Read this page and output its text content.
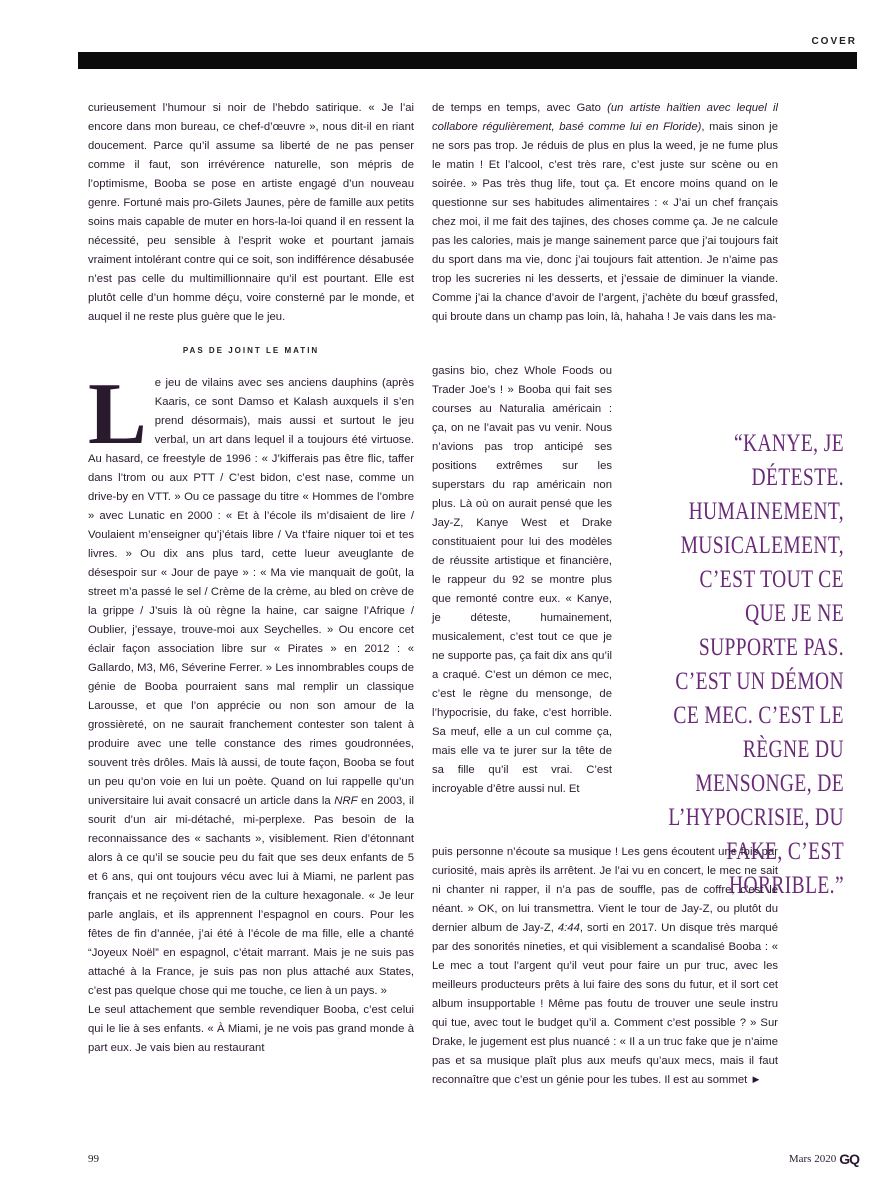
COVER

curieusement l’humour si noir de l’hebdo satirique. « Je l’ai encore dans mon bureau, ce chef-d’œuvre », nous dit-il en riant doucement. Parce qu’il assume sa liberté de ne pas penser comme il faut, son irrévérence naturelle, son mépris de l’optimisme, Booba se pose en artiste engagé d’un nouveau genre. Fortuné mais pro-Gilets Jaunes, père de famille aux petits soins mais capable de muter en hors-la-loi quand il en ressent la nécessité, peu sensible à l’esprit woke et pourtant jamais vraiment intolérant contre qui ce soit, son indifférence désabusée n’est pas celle du multimillionnaire qu’il est pourtant. Elle est plutôt celle d’un homme déçu, voire consterné par le monde, et auquel il ne reste plus guère que le jeu.

PAS DE JOINT LE MATIN

Le jeu de vilains avec ses anciens dauphins (après Kaaris, ce sont Damso et Kalash auxquels il s’en prend désormais), mais aussi et surtout le jeu verbal, un art dans lequel il a toujours été virtuose. Au hasard, ce freestyle de 1996 : « J’kifferais pas être flic, taffer dans l’trom ou aux PTT / C’est bidon, c’est nase, comme un drive-by en VTT. » Ou ce passage du titre « Hommes de l’ombre » avec Lunatic en 2000 : « Et à l’école ils m’disaient de lire / Voulaient m’enseigner qu’j’étais libre / Va t’faire niquer toi et tes livres. » Ou dix ans plus tard, cette lueur aveuglante de désespoir sur « Jour de paye » : « Ma vie manquait de goût, la street m’a passé le sel / Crème de la crème, au bled on crève de la grippe / J’suis là où règne la haine, car saigne l’Afrique / Oublier, j’essaye, trouve-moi aux Seychelles. » Ou encore cet éclair façon association libre sur « Pirates » en 2012 : « Gallardo, M3, M6, Séverine Ferrer. » Les innombrables coups de génie de Booba pourraient sans mal remplir un classique Larousse, et que l’on apprécie ou non son amour de la grossièreté, on ne saurait franchement contester son talent à produire avec une telle constance des rimes goudronnées, souvent très drôles. Mais là aussi, de toute façon, Booba se fout un peu qu’on voie en lui un poète. Quand on lui rappelle qu’un universitaire lui avait consacré un article dans la NRF en 2003, il sourit d’un air mi-détaché, mi-perplexe. Pas besoin de la reconnaissance des « sachants », visiblement. Rien d’étonnant alors à ce qu’il se soucie peu du fait que ses deux enfants de 5 et 6 ans, qui ont toujours vécu avec lui à Miami, ne parlent pas français et ne reçoivent rien de la culture hexagonale. « Je leur parle anglais, et ils apprennent l’espagnol en cours. Pour les fêtes de fin d’année, j’ai été à l’école de ma fille, elle a chanté “Joyeux Noël” en espagnol, c’était marrant. Mais je ne suis pas attaché à la France, je suis pas non plus attaché aux States, c’est pas quelque chose qui me touche, ce lien à un pays. »

Le seul attachement que semble revendiquer Booba, c’est celui qui le lie à ses enfants. « À Miami, je ne vois pas grand monde à part eux. Je vais bien au restaurant

de temps en temps, avec Gato (un artiste haïtien avec lequel il collabore régulièrement, basé comme lui en Floride), mais sinon je ne sors pas trop. Je réduis de plus en plus la weed, je ne fume plus le matin ! Et l’alcool, c’est très rare, c’est juste sur scène ou en soirée. » Pas très thug life, tout ça. Et encore moins quand on le questionne sur ses habitudes alimentaires : « J’ai un chef français chez moi, il me fait des tajines, des choses comme ça. Je ne calcule pas les calories, mais je mange sainement parce que j’ai toujours fait du sport dans ma vie, donc j’ai toujours fait attention. Je n’aime pas trop les sucreries ni les desserts, et j’essaie de diminuer la viande. Comme j’ai la chance d’avoir de l’argent, j’achète du bœuf grassfed, qui broute dans un champ pas loin, là, hahaha ! Je vais dans les ma-

gasins bio, chez Whole Foods ou Trader Joe’s ! » Booba qui fait ses courses au Naturalia américain : ça, on ne l’avait pas vu venir. Nous n’avions pas trop anticipé ses positions extrêmes sur les superstars du rap américain non plus. Là où on aurait pensé que les Jay-Z, Kanye West et Drake constituaient pour lui des modèles de réussite artistique et financière, le rappeur du 92 se montre plus que remonté contre eux. « Kanye, je déteste, humainement, musicalement, c’est tout ce que je ne supporte pas, ça fait dix ans qu’il a craqué. C’est un démon ce mec, c’est le règne du mensonge, de l’hypocrisie, du fake, c’est horrible. Sa meuf, elle a un cul comme ça, mais elle va te jurer sur la tête de sa fille qu’il est vrai. C’est incroyable d’être aussi nul. Et

“KANYE, JE DÉTESTE. HUMAINEMENT, MUSICALEMENT, C’EST TOUT CE QUE JE NE SUPPORTE PAS. C’EST UN DÉMON CE MEC. C’EST LE RÈGNE DU MENSONGE, DE L’HYPOCRISIE, DU FAKE, C’EST HORRIBLE.”

puis personne n’écoute sa musique ! Les gens écoutent une fois par curiosité, mais après ils arrêtent. Je l’ai vu en concert, le mec ne sait ni chanter ni rapper, il n’a pas de souffle, pas de coffre, c’est le néant. » OK, on lui transmettra. Vient le tour de Jay-Z, ou plutôt du dernier album de Jay-Z, 4:44, sorti en 2017. Un disque très marqué par des sonorités nineties, et qui visiblement a scandalisé Booba : « Le mec a tout l’argent qu’il veut pour faire un pur truc, avec les meilleurs producteurs prêts à lui faire des sons du futur, et il sort cet album insupportable ! Même pas foutu de trouver une seule instru qui tue, avec tout le budget qu’il a. Comment c’est possible ? » Sur Drake, le jugement est plus nuancé : « Il a un truc fake que je n’aime pas et sa musique plaît plus aux meufs qu’aux mecs, mais il faut reconnaître que c’est un génie pour les tubes. Il est au sommet ►

99	Mars 2020 GQ
